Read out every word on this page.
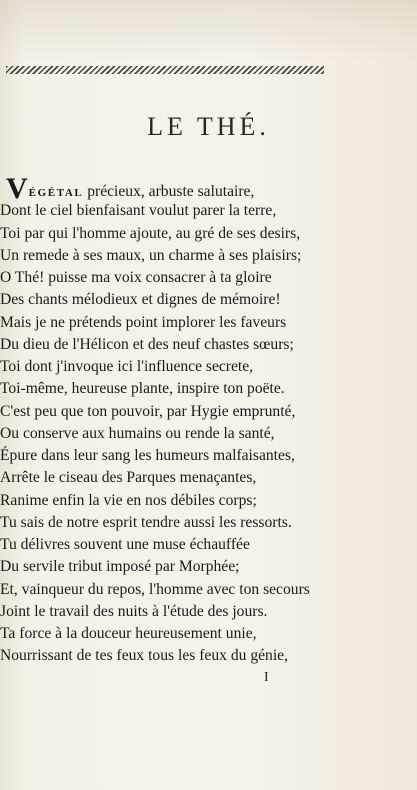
LE THÉ.
VÉGÉTAL précieux, arbuste salutaire,
Dont le ciel bienfaisant voulut parer la terre,
Toi par qui l'homme ajoute, au gré de ses desirs,
Un remede à ses maux, un charme à ses plaisirs;
O Thé! puisse ma voix consacrer à ta gloire
Des chants mélodieux et dignes de mémoire!
Mais je ne prétends point implorer les faveurs
Du dieu de l'Hélicon et des neuf chastes sœurs;
Toi dont j'invoque ici l'influence secrete,
Toi-même, heureuse plante, inspire ton poëte.
C'est peu que ton pouvoir, par Hygie emprunté,
Ou conserve aux humains ou rende la santé,
Épure dans leur sang les humeurs malfaisantes,
Arrête le ciseau des Parques menaçantes,
Ranime enfin la vie en nos débiles corps;
Tu sais de notre esprit tendre aussi les ressorts.
Tu délivres souvent une muse échauffée
Du servile tribut imposé par Morphée;
Et, vainqueur du repos, l'homme avec ton secours
Joint le travail des nuits à l'étude des jours.
Ta force à la douceur heureusement unie,
Nourrissant de tes feux tous les feux du génie,
I
